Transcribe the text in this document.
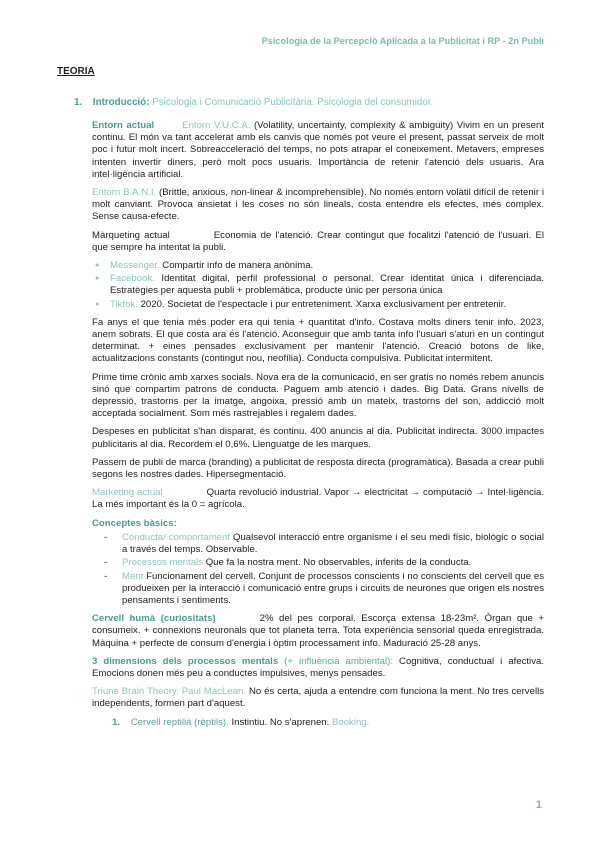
Psicologia de la Percepció Aplicada a la Publicitat i RP - 2n Publi
TEORIA
1. Introducció: Psicologia i Comunicació Publicitària. Psicologia del consumidor.

Entorn actual	Entorn V.U.C.A. (Volatility, uncertainty, complexity & ambiguity) Vivim en un present continu. El món va tant accelerat amb els canvis que només pot veure el present, passat serveix de molt poc i futur molt incert. Sobreacceleració del temps, no pots atrapar el coneixement. Metavers, empreses intenten invertir diners, però molt pocs usuaris. Importància de retenir l'atenció dels usuaris. Ara intel·ligència artificial.

Entorn B.A.N.I. (Brittle, anxious, non-linear & incomprehensible). No només entorn volàtil difícil de retenir i molt canviant. Provoca ansietat i les coses no són lineals, costa entendre els efectes, més complex. Sense causa-efecte.

Màrqueting actual	Economia de l'atenció. Crear contingut que focalitzi l'atenció de l'usuari. El que sempre ha intentat la publi.

● Messenger. Compartir info de manera anònima.
● Facebook. Identitat digital, perfil professional o personal. Crear identitat única i diferenciada. Estratègies per aquesta publi + problemàtica, producte únic per persona única
● Tiktok. 2020. Societat de l'espectacle i pur entreteniment. Xarxa exclusivament per entretenir.

Fa anys el que tenia més poder era qui tenia + quantitat d'info. Costava molts diners tenir info. 2023, anem sobrats. El que costa ara és l'atenció. Aconseguir que amb tanta info l'usuari s'aturi en un contingut determinat. + eines pensades exclusivament per mantenir l'atenció. Creació botons de like, actualitzacions constants (contingut nou, neofília). Conducta compulsiva. Publicitat intermitent.

Prime time crònic amb xarxes socials. Nova era de la comunicació, en ser gratis no només rebem anuncis sinó que compartim patrons de conducta. Paguem amb atenció i dades. Big Data. Grans nivells de depressió, trastorns per la imatge, angoixa, pressió amb un mateix, trastorns del son, addicció molt acceptada socialment. Som més rastrejables i regalem dades.

Despeses en publicitat s'han disparat, és continu. 400 anuncis al dia. Publicitat indirecta. 3000 impactes publicitaris al dia. Recordem el 0,6%. Llenguatge de les marques.

Passem de publi de marca (branding) a publicitat de resposta directa (programàtica). Basada a crear publi segons les nostres dades. Hipersegmentació.

Marketing actual	Quarta revolució industrial. Vapor → electricitat → computació → Intel·ligència. La més important és la 0 = agrícola.

Conceptes bàsics:

- Conducta/ comportament Qualsevol interacció entre organisme i el seu medi físic, biològic o social a través del temps. Observable.
- Processos mentals Que fa la nostra ment. No observables, inferits de la conducta.
- Ment Funcionament del cervell. Conjunt de processos conscients i no conscients del cervell que es produeixen per la interacció i comunicació entre grups i circuits de neurones que origen els nostres pensaments i sentiments.

Cervell humà (curiositats)	2% del pes corporal. Escorça extensa 18-23m². Òrgan que + consumeix. + connexions neuronals que tot planeta terra. Tota experiència sensorial queda enregistrada. Màquina + perfecte de consum d'energia i òptim processament info. Maduració 25-28 anys.

3 dimensions dels processos mentals (+ influència ambiental): Cognitiva, conductual i afectiva. Emocions donen més peu a conductes impulsives, menys pensades.

Triune Brain Theory. Paul MacLean. No és certa, ajuda a entendre com funciona la ment. No tres cervells independents, formen part d'aquest.

1. Cervell reptilià (rèptils). Instintiu. No s'aprenen. Booking.
1
